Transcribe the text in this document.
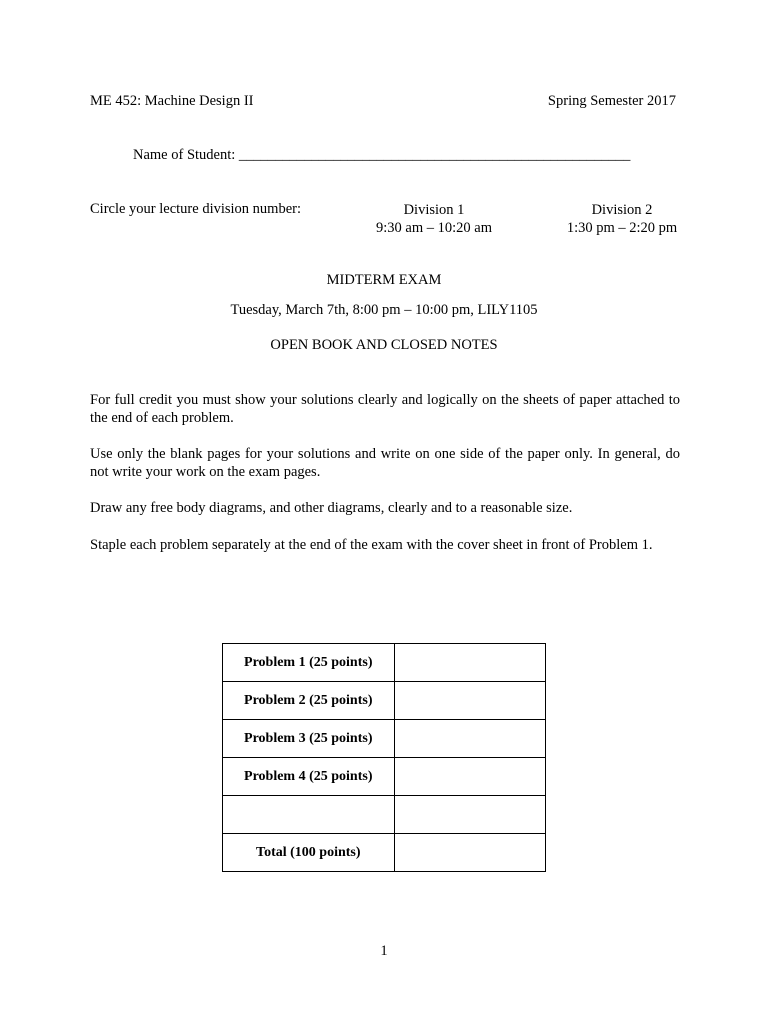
ME 452: Machine Design II	Spring Semester 2017
Name of Student: ______________________________________________________
Circle your lecture division number:	Division 1
9:30 am – 10:20 am
Division 2
1:30 pm – 2:20 pm
MIDTERM EXAM
Tuesday, March 7th, 8:00 pm – 10:00 pm, LILY1105
OPEN BOOK AND CLOSED NOTES
For full credit you must show your solutions clearly and logically on the sheets of paper attached to the end of each problem.
Use only the blank pages for your solutions and write on one side of the paper only. In general, do not write your work on the exam pages.
Draw any free body diagrams, and other diagrams, clearly and to a reasonable size.
Staple each problem separately at the end of the exam with the cover sheet in front of Problem 1.
Problem 1 (25 points)	
Problem 2 (25 points)	
Problem 3 (25 points)	
Problem 4 (25 points)	

Total (100 points)	
1
